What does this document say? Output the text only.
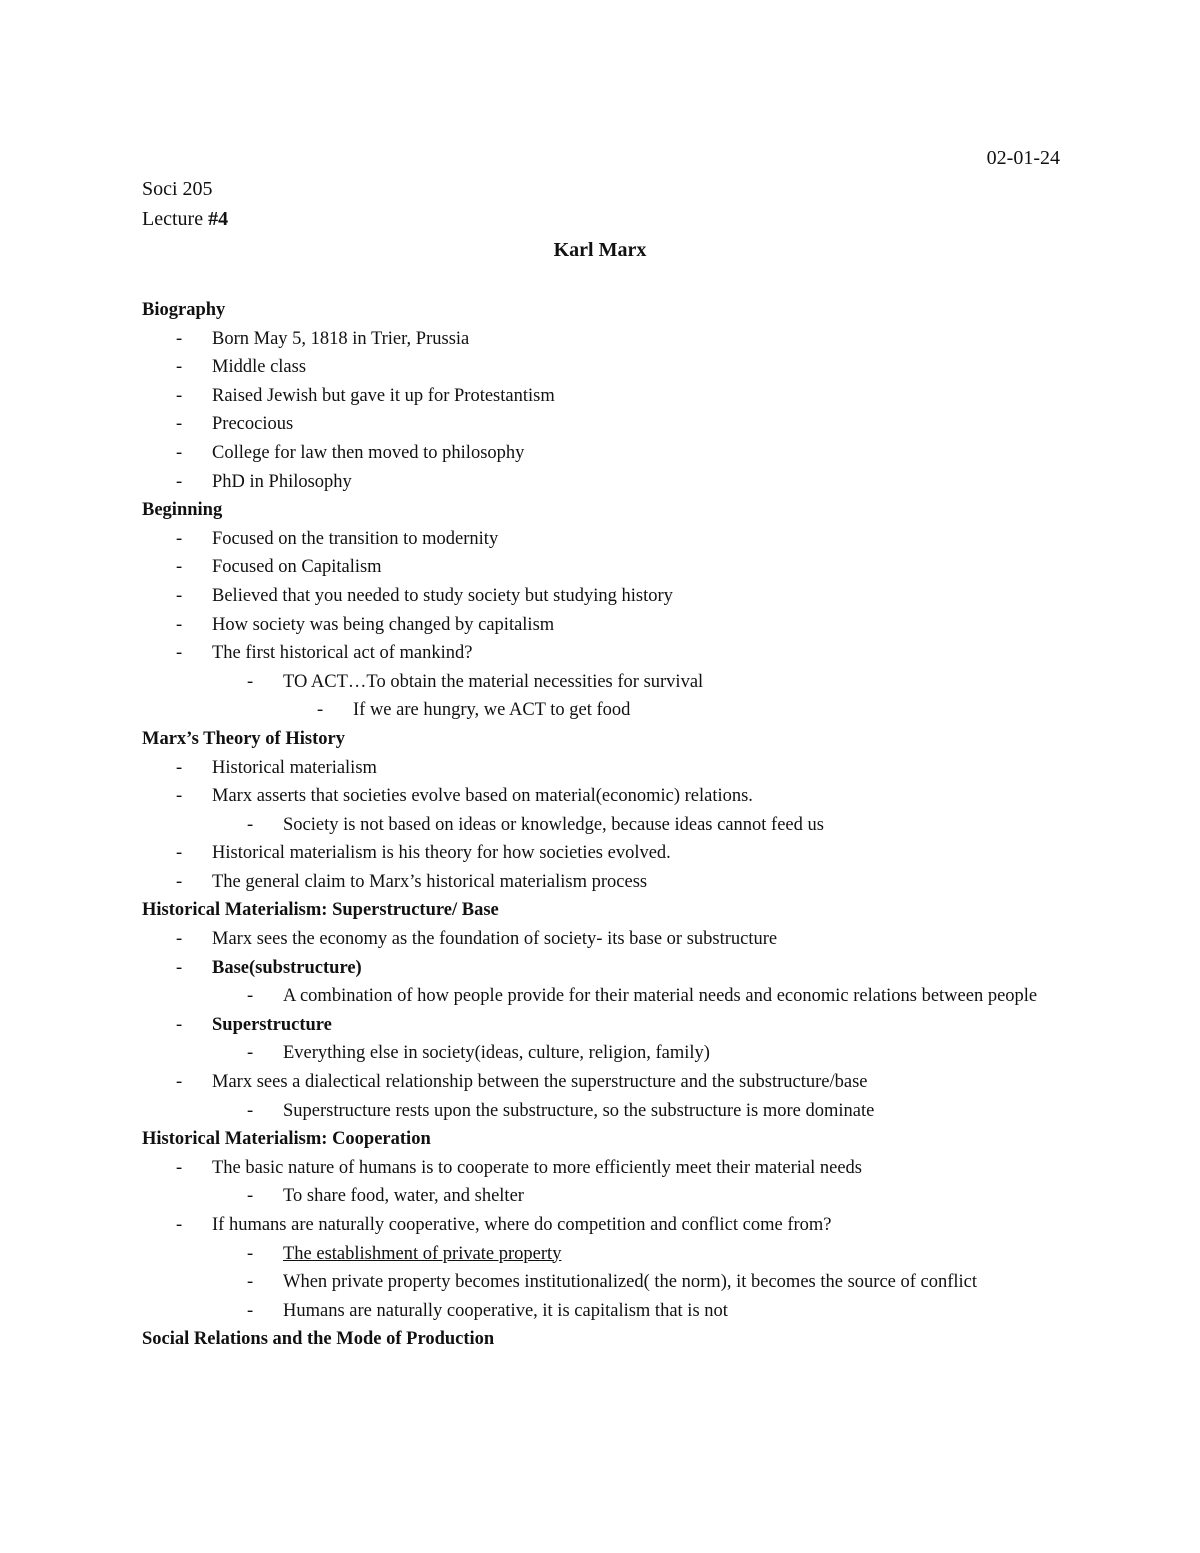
02-01-24
Soci 205
Lecture #4
Karl Marx

Biography

- Born May 5, 1818 in Trier, Prussia

- Middle class

- Raised Jewish but gave it up for Protestantism

- Precocious

- College for law then moved to philosophy

- PhD in Philosophy

Beginning

- Focused on the transition to modernity

- Focused on Capitalism

- Believed that you needed to study society but studying history

- How society was being changed by capitalism

- The first historical act of mankind?

- TO ACT…To obtain the material necessities for survival

- If we are hungry, we ACT to get food

Marx’s Theory of History

- Historical materialism

- Marx asserts that societies evolve based on material(economic) relations.

- Society is not based on ideas or knowledge, because ideas cannot feed us

- Historical materialism is his theory for how societies evolved.

- The general claim to Marx’s historical materialism process

Historical Materialism: Superstructure/ Base

- Marx sees the economy as the foundation of society- its base or substructure

- Base(substructure)

- A combination of how people provide for their material needs and economic relations between people

- Superstructure

- Everything else in society(ideas, culture, religion, family)

- Marx sees a dialectical relationship between the superstructure and the substructure/base

- Superstructure rests upon the substructure, so the substructure is more dominate

Historical Materialism: Cooperation

- The basic nature of humans is to cooperate to more efficiently meet their material needs

- To share food, water, and shelter

- If humans are naturally cooperative, where do competition and conflict come from?

- The establishment of private property

- When private property becomes institutionalized( the norm), it becomes the source of conflict

- Humans are naturally cooperative, it is capitalism that is not

Social Relations and the Mode of Production
